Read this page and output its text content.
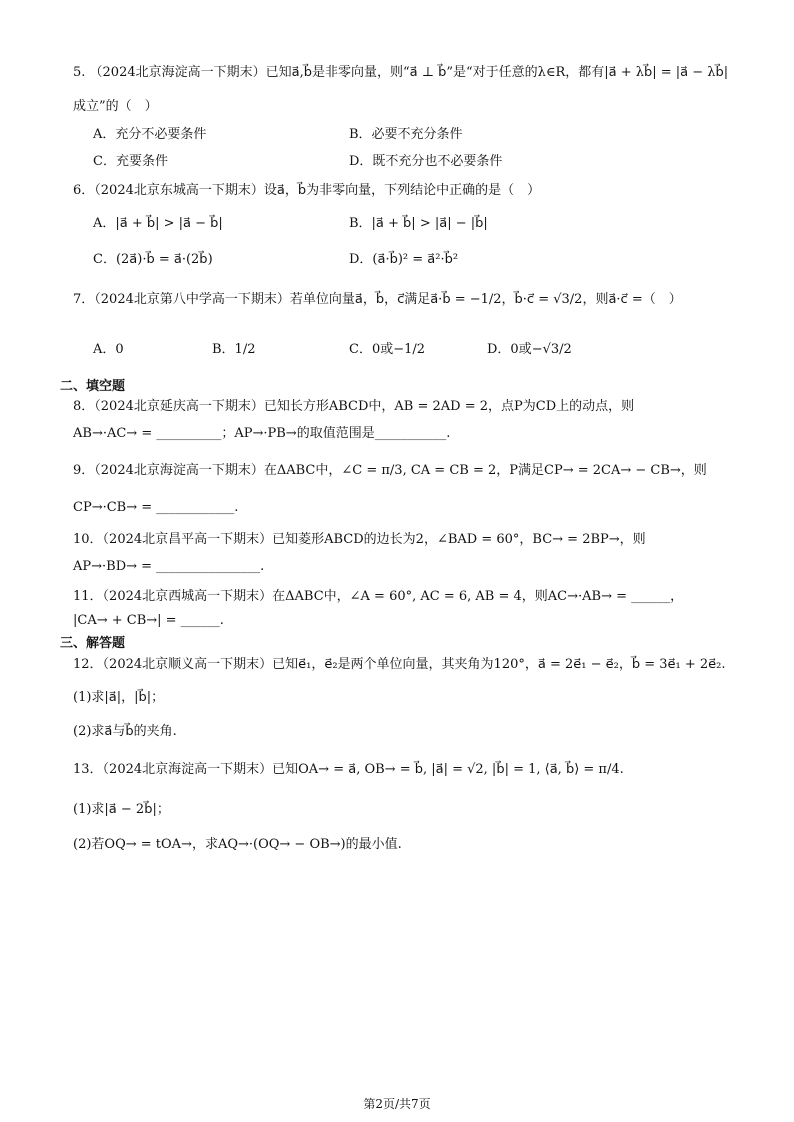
5. （2024北京海淀高一下期末）已知a⃗,b⃗是非零向量，则“a⃗ ⊥ b⃗”是“对于任意的λ∈R，都有|a⃗ + λb⃗| = |a⃗ − λb⃗|
成立”的（　）
A．充分不必要条件	B．必要不充分条件
C．充要条件	D．既不充分也不必要条件
6．（2024北京东城高一下期末）设a⃗，b⃗为非零向量，下列结论中正确的是（　）
A．|a⃗ + b⃗| > |a⃗ − b⃗|	B．|a⃗ + b⃗| > |a⃗| − |b⃗|
C．(2a⃗)·b⃗ = a⃗·(2b⃗)	D．(a⃗·b⃗)² = a⃗²·b⃗²
7．（2024北京第八中学高一下期末）若单位向量a⃗，b⃗，c⃗满足a⃗·b⃗ = −1/2，b⃗·c⃗ = √3/2，则a⃗·c⃗ =（　）
A．0	B．1/2	C．0或−1/2	D．0或−√3/2
二、填空题
8．（2024北京延庆高一下期末）已知长方形ABCD中，AB = 2AD = 2，点P为CD上的动点，则
AB→·AC→ = __________；AP→·PB→的取值范围是___________.
9．（2024北京海淀高一下期末）在ΔABC中，∠C = π/3, CA = CB = 2，P满足CP→ = 2CA→ − CB→，则
CP→·CB→ = ____________.
10．（2024北京昌平高一下期末）已知菱形ABCD的边长为2，∠BAD = 60°，BC→ = 2BP→，则
AP→·BD→ = ________________.
11．（2024北京西城高一下期末）在ΔABC中，∠A = 60°, AC = 6, AB = 4，则AC→·AB→ = ______，
|CA→ + CB→| = ______.
三、解答题
12．（2024北京顺义高一下期末）已知e⃗₁，e⃗₂是两个单位向量，其夹角为120°，a⃗ = 2e⃗₁ − e⃗₂，b⃗ = 3e⃗₁ + 2e⃗₂.
(1)求|a⃗|，|b⃗|；
(2)求a⃗与b⃗的夹角.
13．（2024北京海淀高一下期末）已知OA→ = a⃗, OB→ = b⃗, |a⃗| = √2, |b⃗| = 1, ⟨a⃗, b⃗⟩ = π/4.
(1)求|a⃗ − 2b⃗|；
(2)若OQ→ = tOA→，求AQ→·(OQ→ − OB→)的最小值.
第2页/共7页
